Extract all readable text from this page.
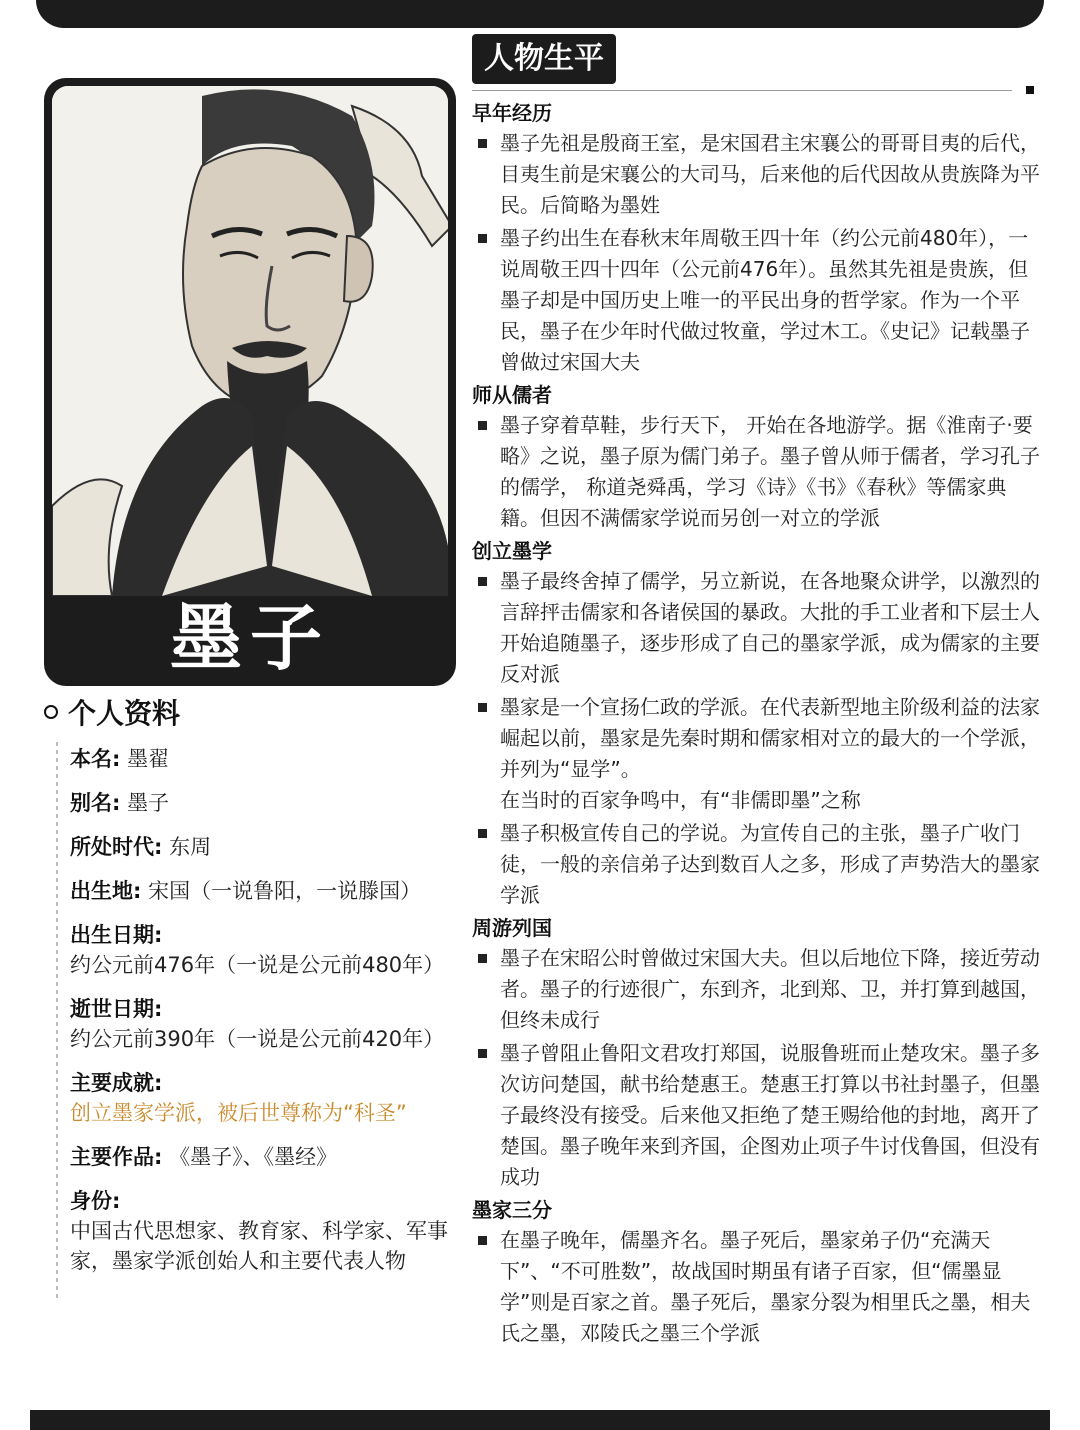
墨子
个人资料
本名: 墨翟
别名: 墨子
所处时代: 东周
出生地: 宋国（一说鲁阳，一说滕国）
出生日期:
约公元前476年（一说是公元前480年）
逝世日期:
约公元前390年（一说是公元前420年）
主要成就:
创立墨家学派，被后世尊称为“科圣”
主要作品: 《墨子》、《墨经》
身份:
中国古代思想家、教育家、科学家、军事家，墨家学派创始人和主要代表人物
人物生平
早年经历
墨子先祖是殷商王室，是宋国君主宋襄公的哥哥目夷的后代，目夷生前是宋襄公的大司马，后来他的后代因故从贵族降为平民。后简略为墨姓
墨子约出生在春秋末年周敬王四十年（约公元前480年），一说周敬王四十四年（公元前476年）。虽然其先祖是贵族，但墨子却是中国历史上唯一的平民出身的哲学家。作为一个平民，墨子在少年时代做过牧童，学过木工。《史记》记载墨子曾做过宋国大夫
师从儒者
墨子穿着草鞋，步行天下， 开始在各地游学。据《淮南子·要略》之说，墨子原为儒门弟子。墨子曾从师于儒者，学习孔子的儒学， 称道尧舜禹，学习《诗》《书》《春秋》等儒家典籍。但因不满儒家学说而另创一对立的学派
创立墨学
墨子最终舍掉了儒学，另立新说，在各地聚众讲学，以激烈的言辞抨击儒家和各诸侯国的暴政。大批的手工业者和下层士人开始追随墨子，逐步形成了自己的墨家学派，成为儒家的主要反对派
墨家是一个宣扬仁政的学派。在代表新型地主阶级利益的法家崛起以前，墨家是先秦时期和儒家相对立的最大的一个学派，并列为“显学”。
在当时的百家争鸣中，有“非儒即墨”之称
墨子积极宣传自己的学说。为宣传自己的主张，墨子广收门徒，一般的亲信弟子达到数百人之多，形成了声势浩大的墨家学派
周游列国
墨子在宋昭公时曾做过宋国大夫。但以后地位下降，接近劳动者。墨子的行迹很广，东到齐，北到郑、卫，并打算到越国，但终未成行
墨子曾阻止鲁阳文君攻打郑国，说服鲁班而止楚攻宋。墨子多次访问楚国，献书给楚惠王。楚惠王打算以书社封墨子，但墨子最终没有接受。后来他又拒绝了楚王赐给他的封地，离开了楚国。墨子晚年来到齐国，企图劝止项子牛讨伐鲁国，但没有成功
墨家三分
在墨子晚年，儒墨齐名。墨子死后，墨家弟子仍“充满天下”、“不可胜数”，故战国时期虽有诸子百家，但“儒墨显学”则是百家之首。墨子死后，墨家分裂为相里氏之墨，相夫氏之墨，邓陵氏之墨三个学派
